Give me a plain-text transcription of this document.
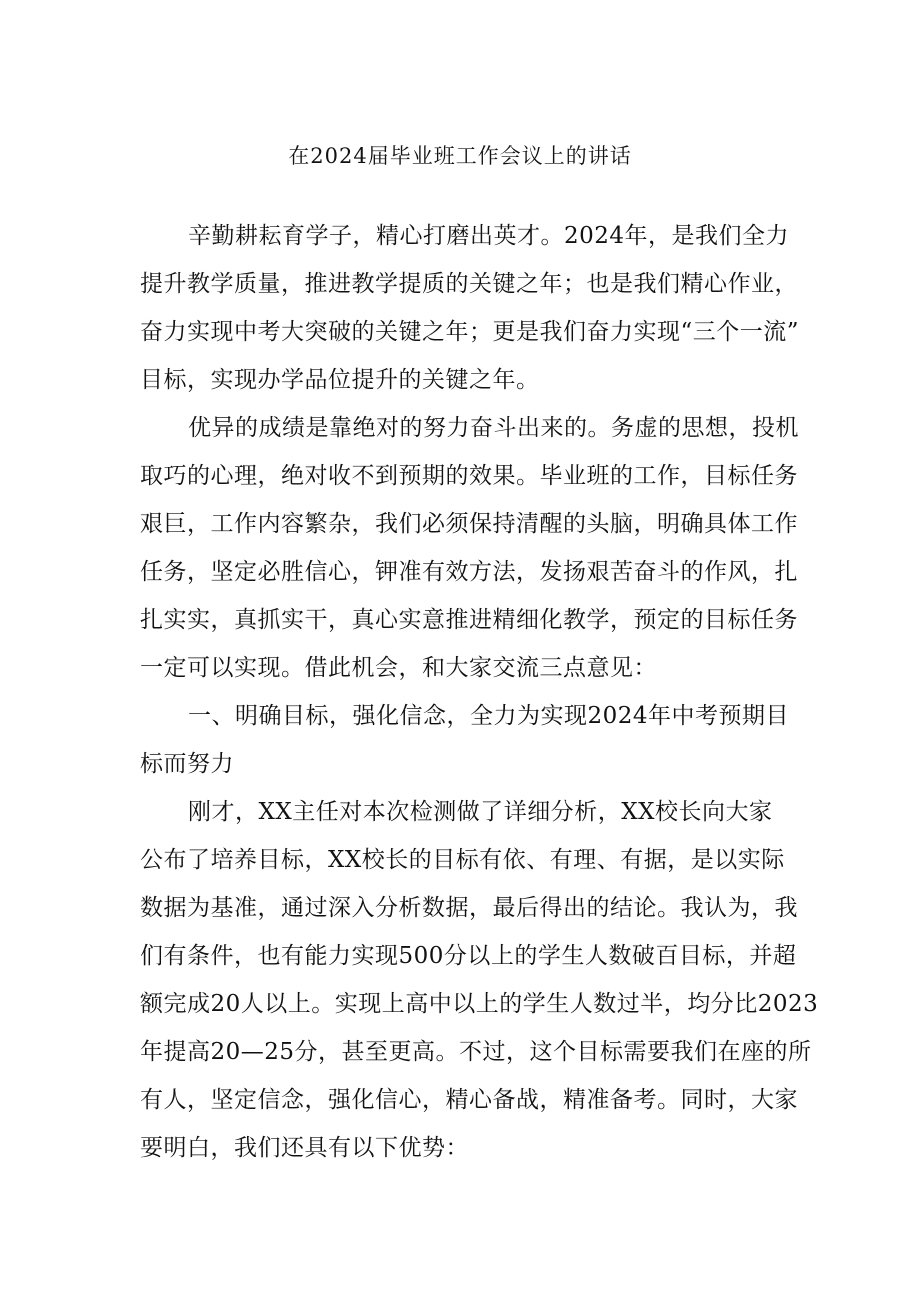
在2024届毕业班工作会议上的讲话
辛勤耕耘育学子，精心打磨出英才。2024年，是我们全力
提升教学质量，推进教学提质的关键之年；也是我们精心作业，
奋力实现中考大突破的关键之年；更是我们奋力实现“三个一流”
目标，实现办学品位提升的关键之年。
优异的成绩是靠绝对的努力奋斗出来的。务虚的思想，投机
取巧的心理，绝对收不到预期的效果。毕业班的工作，目标任务
艰巨，工作内容繁杂，我们必须保持清醒的头脑，明确具体工作
任务，坚定必胜信心，钾准有效方法，发扬艰苦奋斗的作风，扎
扎实实，真抓实干，真心实意推进精细化教学，预定的目标任务
一定可以实现。借此机会，和大家交流三点意见：
一、明确目标，强化信念，全力为实现2024年中考预期目
标而努力
刚才，XX主任对本次检测做了详细分析，XX校长向大家
公布了培养目标，XX校长的目标有依、有理、有据，是以实际
数据为基准，通过深入分析数据，最后得出的结论。我认为，我
们有条件，也有能力实现500分以上的学生人数破百目标，并超
额完成20人以上。实现上高中以上的学生人数过半，均分比2023
年提高20—25分，甚至更高。不过，这个目标需要我们在座的所
有人，坚定信念，强化信心，精心备战，精准备考。同时，大家
要明白，我们还具有以下优势：
